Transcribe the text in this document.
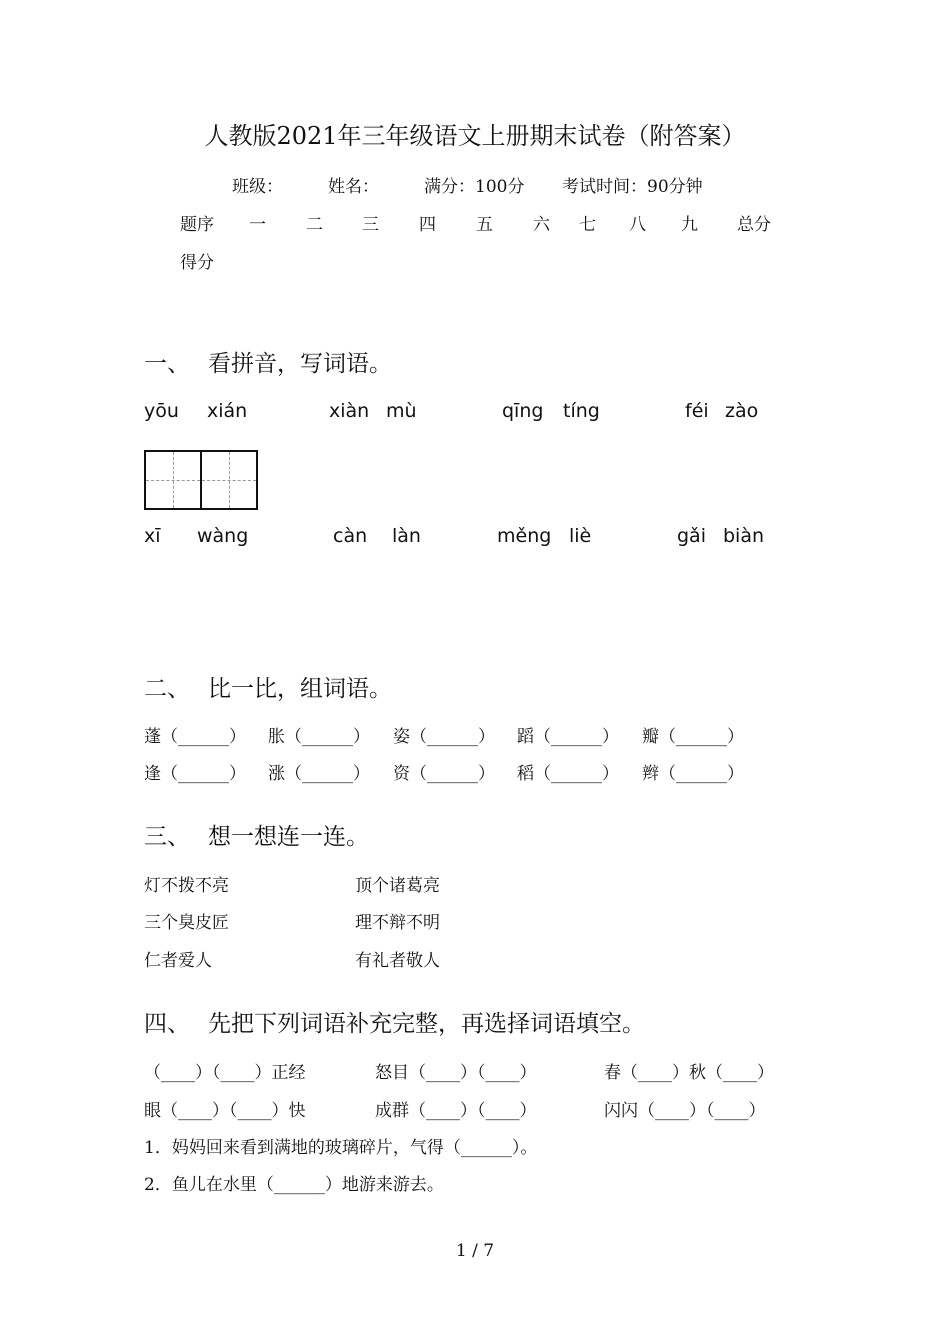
人教版2021年三年级语文上册期末试卷（附答案）
班级：	姓名：	满分：100分 考试时间：90分钟
题序 一 二 三 四 五 六 七 八 九 总分
得分
一、 看拼音，写词语。
yōu xián	xiàn mù	qīng tíng	féi zào
xī wàng	càn làn	měng liè	gǎi biàn
二、 比一比，组词语。
蓬（______） 胀（______） 姿（______） 蹈（______） 瓣（______）
逢（______） 涨（______） 资（______） 稻（______） 辫（______）
三、 想一想连一连。
灯不拨不亮
三个臭皮匠
仁者爱人
顶个诸葛亮
理不辩不明
有礼者敬人
四、 先把下列词语补充完整，再选择词语填空。
（____）（____）正经	怒目（____）（____）	春（____）秋（____）
眼（____）（____）快	成群（____）（____）	闪闪（____）（____）
1．妈妈回来看到满地的玻璃碎片，气得（______）。
2．鱼儿在水里（______）地游来游去。
1 / 7
